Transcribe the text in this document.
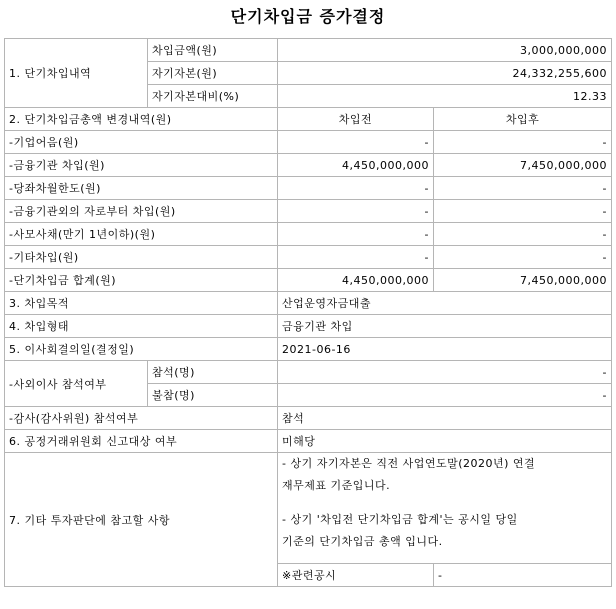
단기차입금 증가결정
1. 단기차입내역	차입금액(원)	3,000,000,000	
	자기자본(원)	24,332,255,600	
	자기자본대비(%)	12.33	
2. 단기차입금총액 변경내역(원)		차입전	차입후
-기업어음(원)		-	-
-금융기관 차입(원)		4,450,000,000	7,450,000,000
-당좌차월한도(원)		-	-
-금융기관외의 자로부터 차입(원)		-	-
-사모사채(만기 1년이하)(원)		-	-
-기타차입(원)		-	-
-단기차입금 합계(원)		4,450,000,000	7,450,000,000
3. 차입목적		산업운영자금대출	
4. 차입형태		금융기관 차입	
5. 이사회결의일(결정일)		2021-06-16	
-사외이사 참석여부	참석(명)	-	
	불참(명)	-	
-감사(감사위원) 참석여부		참석	
6. 공정거래위원회 신고대상 여부		미해당	
7. 기타 투자판단에 참고할 사항		- 상기 자기자본은 직전 사업연도말(2020년) 연결
재무제표 기준입니다.
- 상기 '차입전 단기차입금 합계'는 공시일 당일
기준의 단기차입금 총액 입니다.	

		※관련공시	-
